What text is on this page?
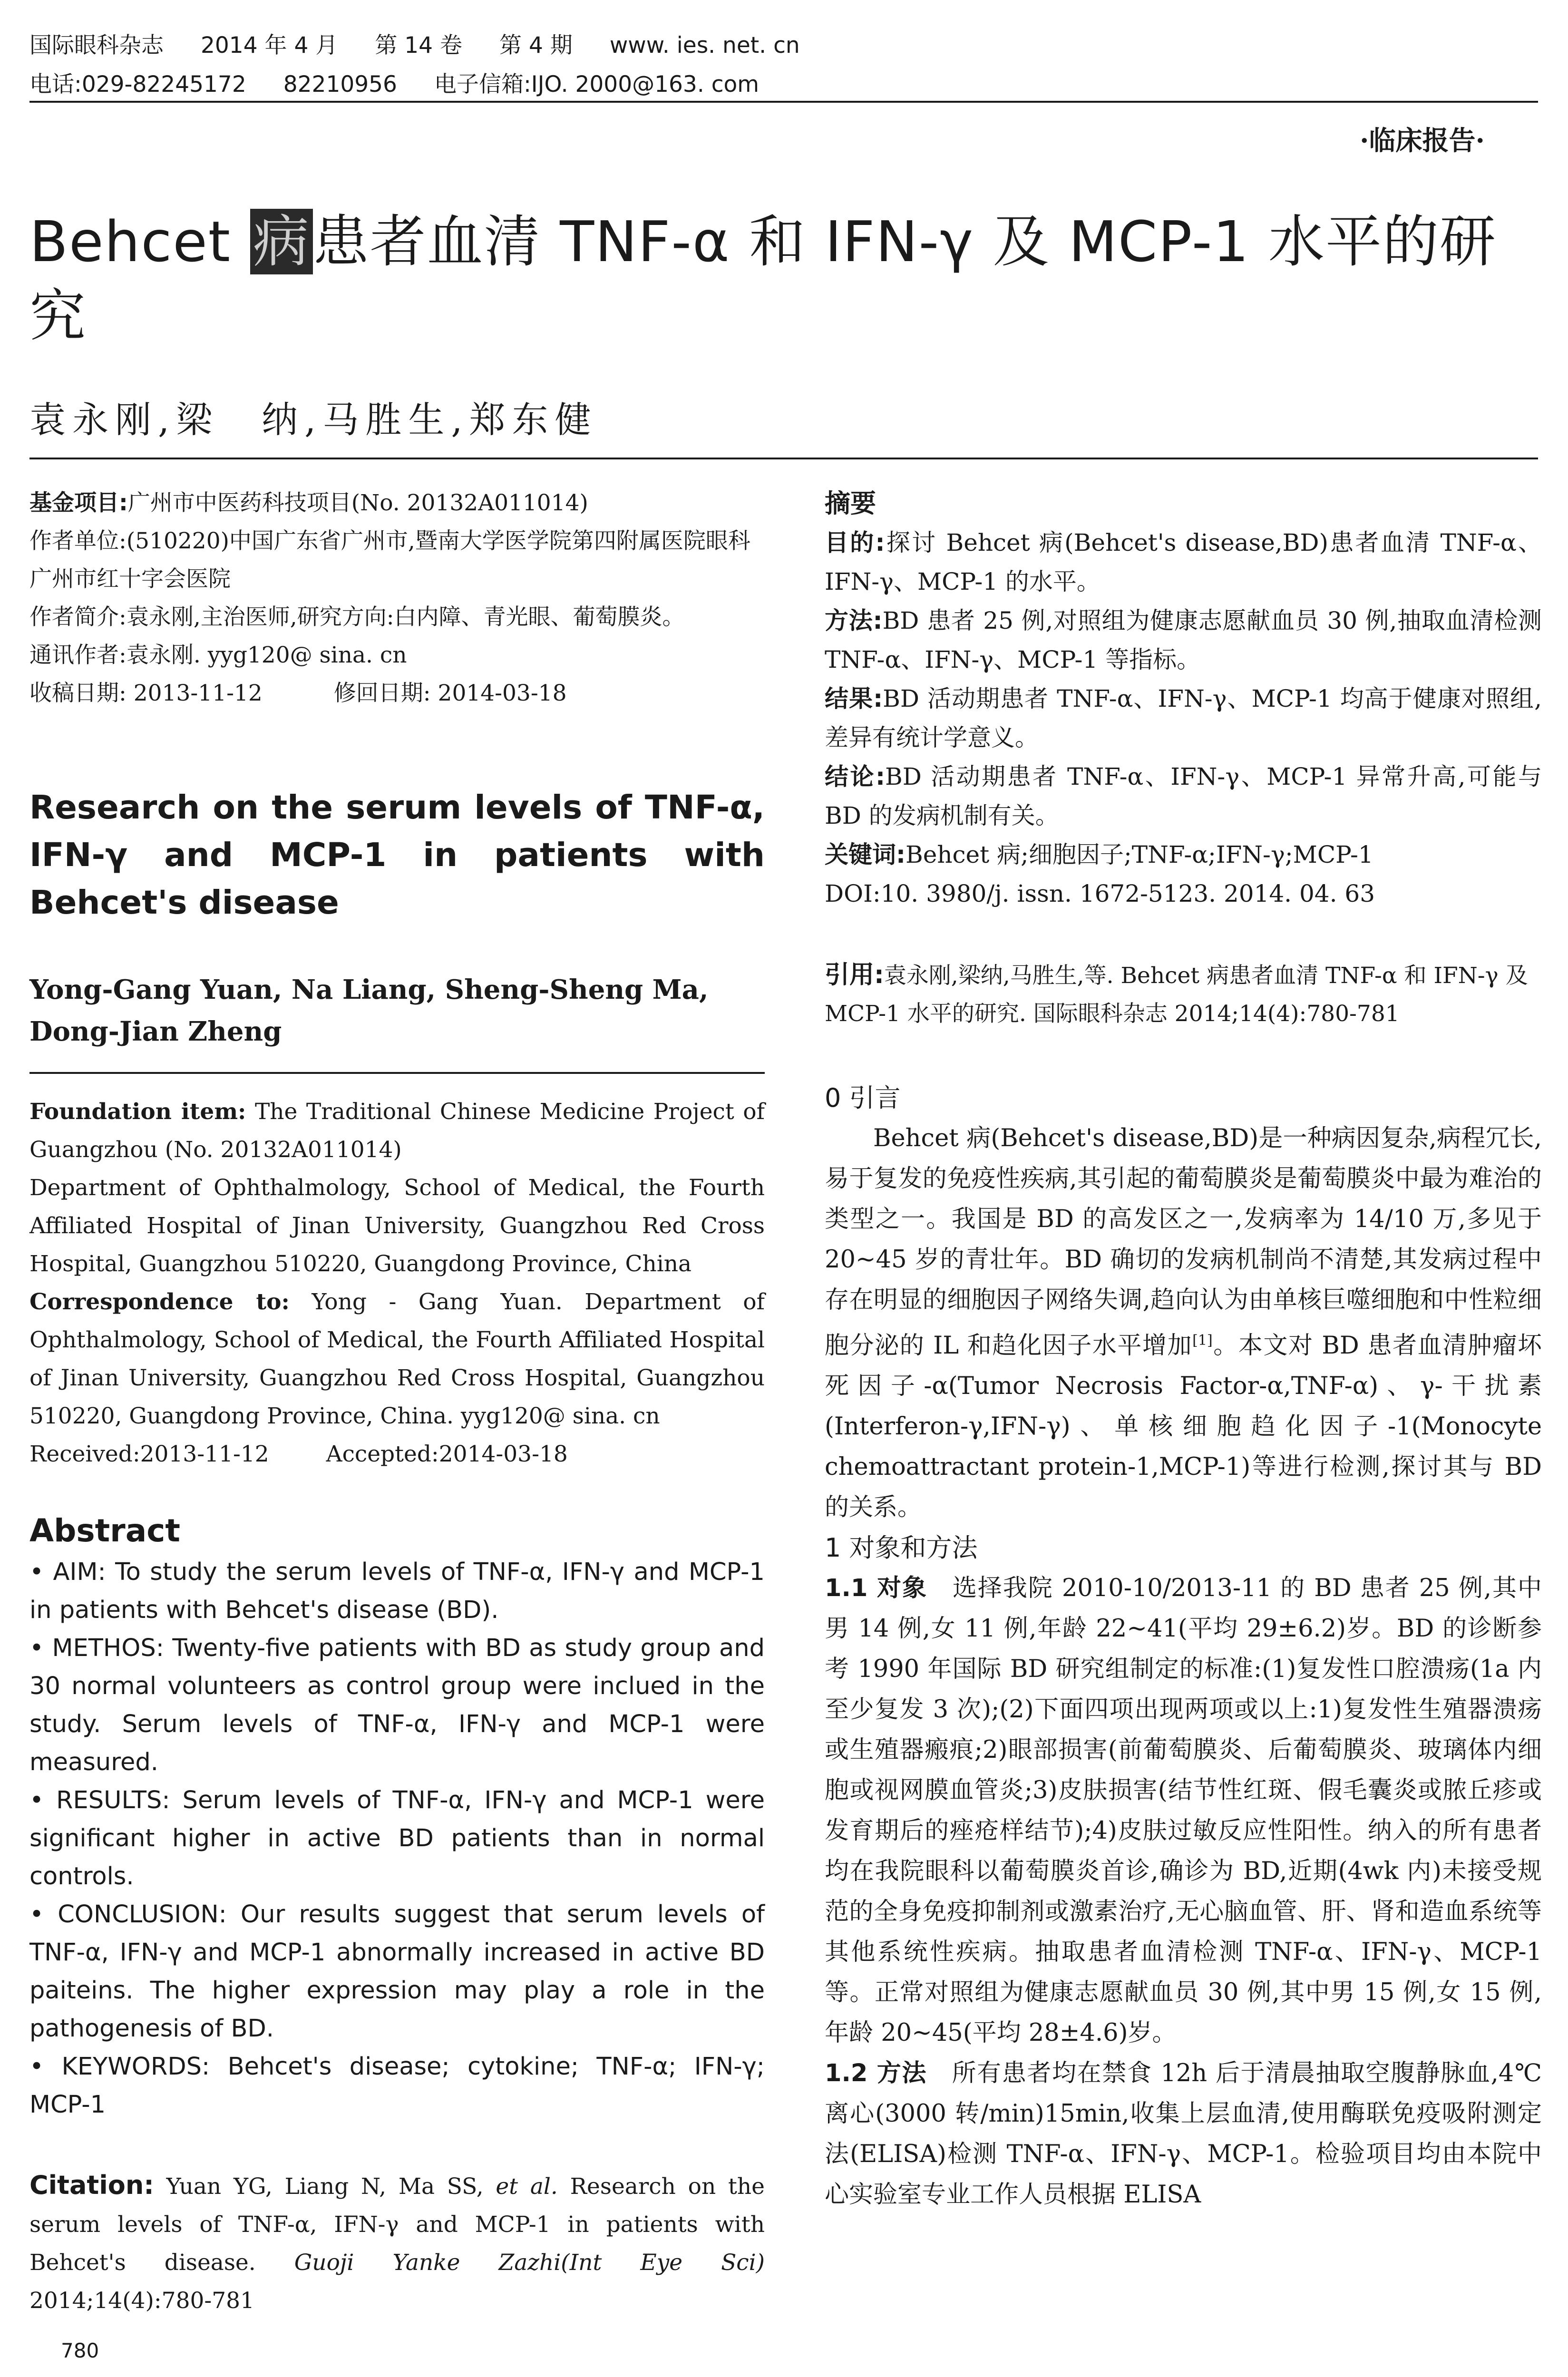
国际眼科杂志 2014 年 4 月 第 14 卷 第 4 期 www. ies. net. cn
电话:029-82245172 82210956 电子信箱:IJO. 2000@163. com
·临床报告·
Behcet 病患者血清 TNF-α 和 IFN-γ 及 MCP-1 水平的研究
袁永刚,梁　纳,马胜生,郑东健
基金项目:广州市中医药科技项目(No. 20132A011014)
作者单位:(510220)中国广东省广州市,暨南大学医学院第四附属医院眼科 广州市红十字会医院
作者简介:袁永刚,主治医师,研究方向:白内障、青光眼、葡萄膜炎。
通讯作者:袁永刚. yyg120@ sina. cn
收稿日期: 2013-11-12	修回日期: 2014-03-18
Research on the serum levels of TNF-α, IFN-γ and MCP-1 in patients with Behcet's disease
Yong-Gang Yuan, Na Liang, Sheng-Sheng Ma, Dong-Jian Zheng
Foundation item: The Traditional Chinese Medicine Project of Guangzhou (No. 20132A011014)
Department of Ophthalmology, School of Medical, the Fourth Affiliated Hospital of Jinan University, Guangzhou Red Cross Hospital, Guangzhou 510220, Guangdong Province, China
Correspondence to: Yong - Gang Yuan. Department of Ophthalmology, School of Medical, the Fourth Affiliated Hospital of Jinan University, Guangzhou Red Cross Hospital, Guangzhou 510220, Guangdong Province, China. yyg120@ sina. cn
Received:2013-11-12	Accepted:2014-03-18
Abstract

• AIM: To study the serum levels of TNF-α, IFN-γ and MCP-1 in patients with Behcet's disease (BD).

• METHOS: Twenty-five patients with BD as study group and 30 normal volunteers as control group were inclued in the study. Serum levels of TNF-α, IFN-γ and MCP-1 were measured.

• RESULTS: Serum levels of TNF-α, IFN-γ and MCP-1 were significant higher in active BD patients than in normal controls.

• CONCLUSION: Our results suggest that serum levels of TNF-α, IFN-γ and MCP-1 abnormally increased in active BD paiteins. The higher expression may play a role in the pathogenesis of BD.

• KEYWORDS: Behcet's disease; cytokine; TNF-α; IFN-γ; MCP-1

Citation: Yuan YG, Liang N, Ma SS, et al. Research on the serum levels of TNF-α, IFN-γ and MCP-1 in patients with Behcet's disease. Guoji Yanke Zazhi(Int Eye Sci) 2014;14(4):780-781
780
摘要
目的:探讨 Behcet 病(Behcet's disease,BD)患者血清 TNF-α、IFN-γ、MCP-1 的水平。
方法:BD 患者 25 例,对照组为健康志愿献血员 30 例,抽取血清检测 TNF-α、IFN-γ、MCP-1 等指标。
结果:BD 活动期患者 TNF-α、IFN-γ、MCP-1 均高于健康对照组,差异有统计学意义。
结论:BD 活动期患者 TNF-α、IFN-γ、MCP-1 异常升高,可能与 BD 的发病机制有关。
关键词:Behcet 病;细胞因子;TNF-α;IFN-γ;MCP-1
DOI:10. 3980/j. issn. 1672-5123. 2014. 04. 63
引用:袁永刚,梁纳,马胜生,等. Behcet 病患者血清 TNF-α 和 IFN-γ 及 MCP-1 水平的研究. 国际眼科杂志 2014;14(4):780-781
0 引言
Behcet 病(Behcet's disease,BD)是一种病因复杂,病程冗长,易于复发的免疫性疾病,其引起的葡萄膜炎是葡萄膜炎中最为难治的类型之一。我国是 BD 的高发区之一,发病率为 14/10 万,多见于 20~45 岁的青壮年。BD 确切的发病机制尚不清楚,其发病过程中存在明显的细胞因子网络失调,趋向认为由单核巨噬细胞和中性粒细胞分泌的 IL 和趋化因子水平增加[1]。本文对 BD 患者血清肿瘤坏死因子-α(Tumor Necrosis Factor-α,TNF-α)、γ-干扰素(Interferon-γ,IFN-γ)、单核细胞趋化因子-1(Monocyte chemoattractant protein-1,MCP-1)等进行检测,探讨其与 BD 的关系。
1 对象和方法
1.1 对象　选择我院 2010-10/2013-11 的 BD 患者 25 例,其中男 14 例,女 11 例,年龄 22~41(平均 29±6.2)岁。BD 的诊断参考 1990 年国际 BD 研究组制定的标准:(1)复发性口腔溃疡(1a 内至少复发 3 次);(2)下面四项出现两项或以上:1)复发性生殖器溃疡或生殖器瘢痕;2)眼部损害(前葡萄膜炎、后葡萄膜炎、玻璃体内细胞或视网膜血管炎;3)皮肤损害(结节性红斑、假毛囊炎或脓丘疹或发育期后的痤疮样结节);4)皮肤过敏反应性阳性。纳入的所有患者均在我院眼科以葡萄膜炎首诊,确诊为 BD,近期(4wk 内)未接受规范的全身免疫抑制剂或激素治疗,无心脑血管、肝、肾和造血系统等其他系统性疾病。抽取患者血清检测 TNF-α、IFN-γ、MCP-1 等。正常对照组为健康志愿献血员 30 例,其中男 15 例,女 15 例,年龄 20~45(平均 28±4.6)岁。
1.2 方法　所有患者均在禁食 12h 后于清晨抽取空腹静脉血,4℃离心(3000 转/min)15min,收集上层血清,使用酶联免疫吸附测定法(ELISA)检测 TNF-α、IFN-γ、MCP-1。检验项目均由本院中心实验室专业工作人员根据 ELISA
